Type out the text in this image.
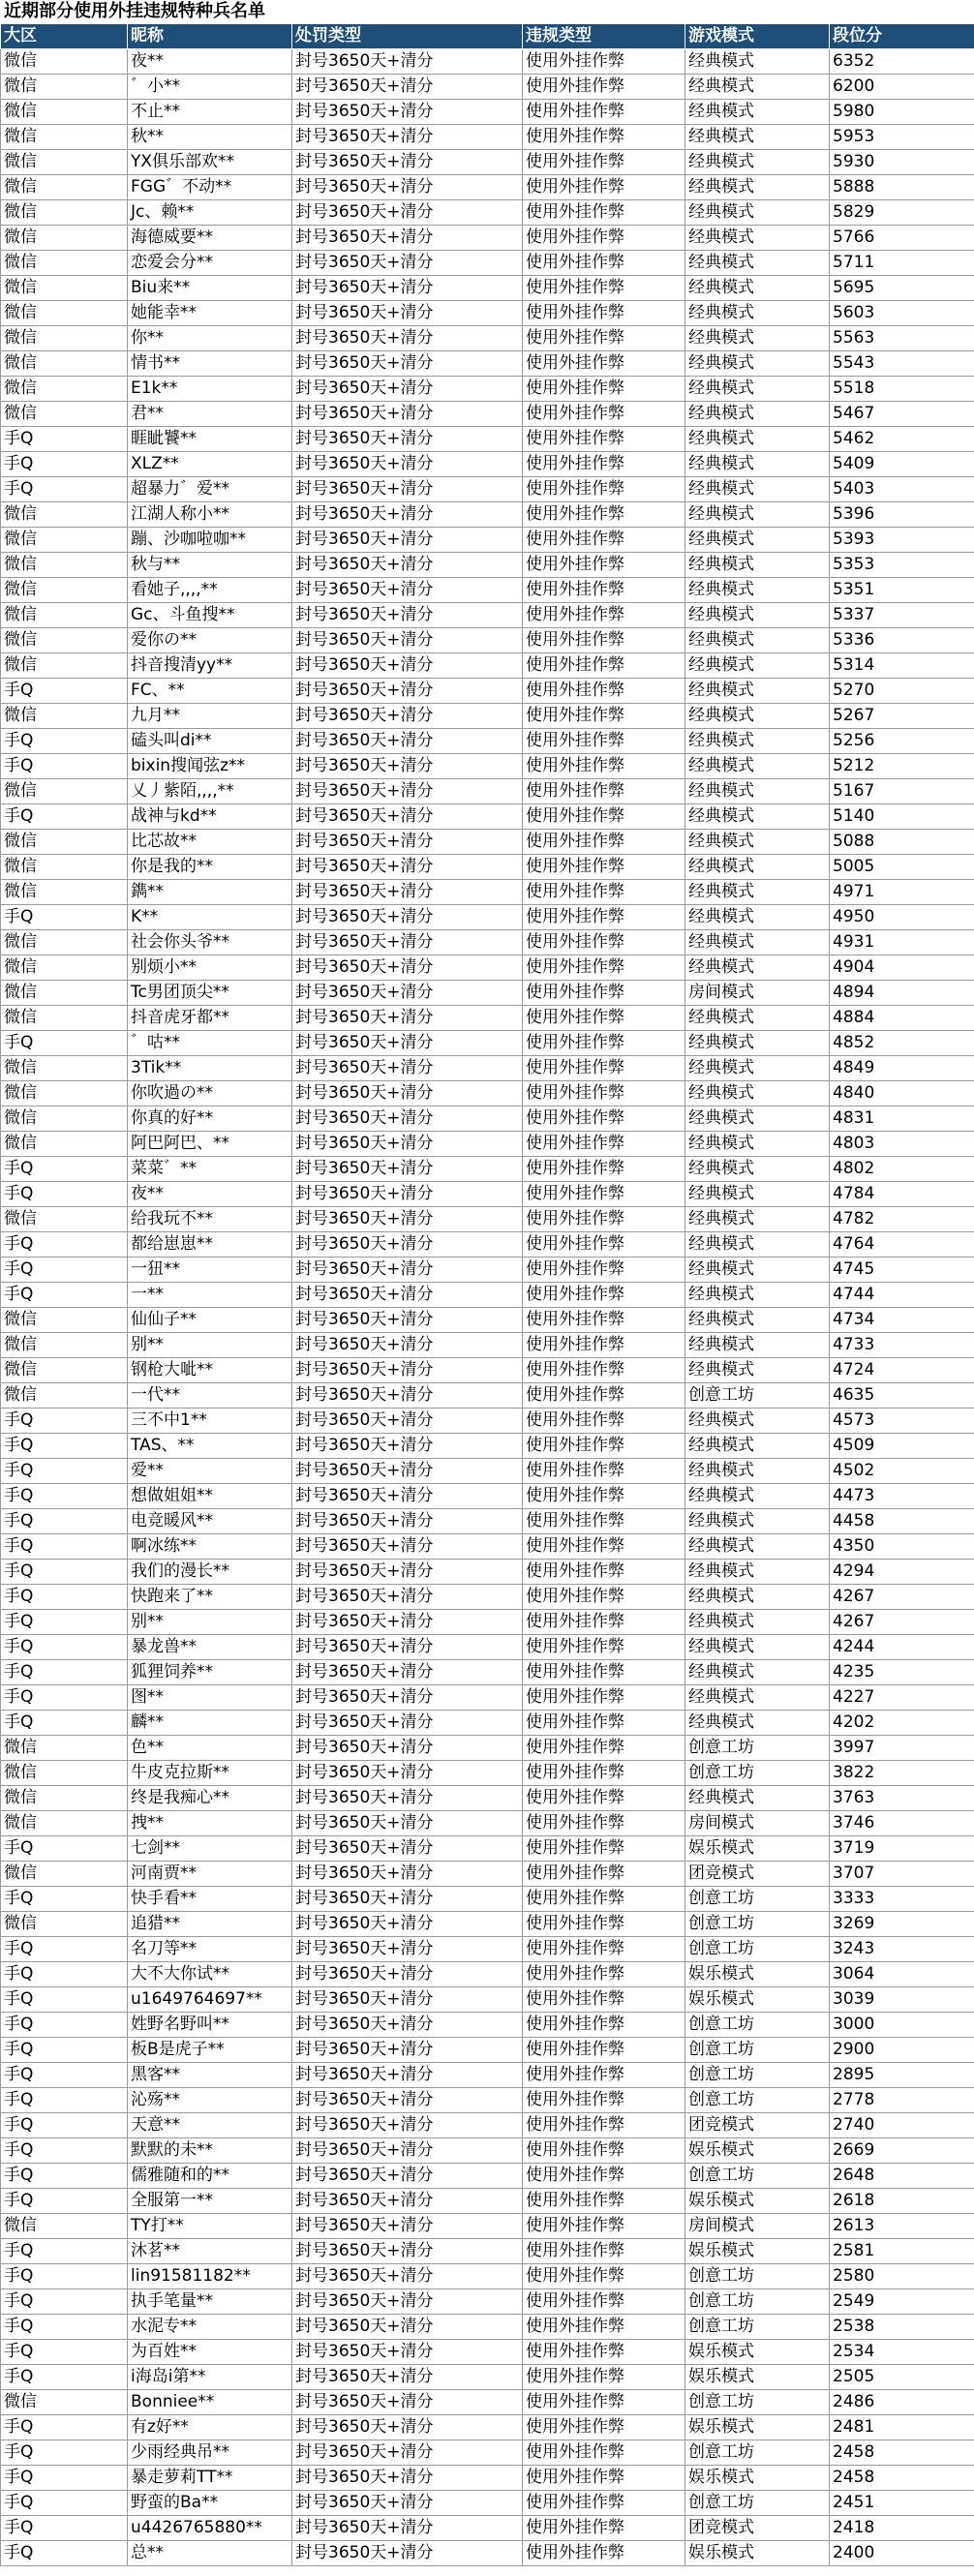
近期部分使用外挂违规特种兵名单
大区	昵称	处罚类型	违规类型	游戏模式	段位分
微信	夜**	封号3650天+清分	使用外挂作弊	经典模式	6352
微信	゛小**	封号3650天+清分	使用外挂作弊	经典模式	6200
微信	不止**	封号3650天+清分	使用外挂作弊	经典模式	5980
微信	秋**	封号3650天+清分	使用外挂作弊	经典模式	5953
微信	YX俱乐部欢**	封号3650天+清分	使用外挂作弊	经典模式	5930
微信	FGG゛不动**	封号3650天+清分	使用外挂作弊	经典模式	5888
微信	Jc、赖**	封号3650天+清分	使用外挂作弊	经典模式	5829
微信	海德威要**	封号3650天+清分	使用外挂作弊	经典模式	5766
微信	恋爱会分**	封号3650天+清分	使用外挂作弊	经典模式	5711
微信	Biu来**	封号3650天+清分	使用外挂作弊	经典模式	5695
微信	她能幸**	封号3650天+清分	使用外挂作弊	经典模式	5603
微信	你**	封号3650天+清分	使用外挂作弊	经典模式	5563
微信	情书**	封号3650天+清分	使用外挂作弊	经典模式	5543
微信	E1k**	封号3650天+清分	使用外挂作弊	经典模式	5518
微信	君**	封号3650天+清分	使用外挂作弊	经典模式	5467
手Q	睚眦饕**	封号3650天+清分	使用外挂作弊	经典模式	5462
手Q	XLZ**	封号3650天+清分	使用外挂作弊	经典模式	5409
手Q	超暴力゛爱**	封号3650天+清分	使用外挂作弊	经典模式	5403
微信	江湖人称小**	封号3650天+清分	使用外挂作弊	经典模式	5396
微信	蹦、沙咖啦咖**	封号3650天+清分	使用外挂作弊	经典模式	5393
微信	秋与**	封号3650天+清分	使用外挂作弊	经典模式	5353
微信	看她子,,,,**	封号3650天+清分	使用外挂作弊	经典模式	5351
微信	Gc、斗鱼搜**	封号3650天+清分	使用外挂作弊	经典模式	5337
微信	爱你の**	封号3650天+清分	使用外挂作弊	经典模式	5336
微信	抖音搜清yy**	封号3650天+清分	使用外挂作弊	经典模式	5314
手Q	FC、**	封号3650天+清分	使用外挂作弊	经典模式	5270
微信	九月**	封号3650天+清分	使用外挂作弊	经典模式	5267
手Q	磕头叫di**	封号3650天+清分	使用外挂作弊	经典模式	5256
手Q	bixin搜闻弦z**	封号3650天+清分	使用外挂作弊	经典模式	5212
微信	乂丿紫陌,,,,**	封号3650天+清分	使用外挂作弊	经典模式	5167
手Q	战神与kd**	封号3650天+清分	使用外挂作弊	经典模式	5140
微信	比芯故**	封号3650天+清分	使用外挂作弊	经典模式	5088
微信	你是我的**	封号3650天+清分	使用外挂作弊	经典模式	5005
微信	鐫**	封号3650天+清分	使用外挂作弊	经典模式	4971
手Q	K**	封号3650天+清分	使用外挂作弊	经典模式	4950
微信	社会你头爷**	封号3650天+清分	使用外挂作弊	经典模式	4931
微信	别烦小**	封号3650天+清分	使用外挂作弊	经典模式	4904
微信	Tc男团顶尖**	封号3650天+清分	使用外挂作弊	房间模式	4894
微信	抖音虎牙都**	封号3650天+清分	使用外挂作弊	经典模式	4884
手Q	゛咕**	封号3650天+清分	使用外挂作弊	经典模式	4852
微信	3Tik**	封号3650天+清分	使用外挂作弊	经典模式	4849
微信	你吹過の**	封号3650天+清分	使用外挂作弊	经典模式	4840
微信	你真的好**	封号3650天+清分	使用外挂作弊	经典模式	4831
微信	阿巴阿巴、**	封号3650天+清分	使用外挂作弊	经典模式	4803
手Q	菜菜゛**	封号3650天+清分	使用外挂作弊	经典模式	4802
手Q	夜**	封号3650天+清分	使用外挂作弊	经典模式	4784
微信	给我玩不**	封号3650天+清分	使用外挂作弊	经典模式	4782
手Q	都给崽崽**	封号3650天+清分	使用外挂作弊	经典模式	4764
手Q	一狃**	封号3650天+清分	使用外挂作弊	经典模式	4745
手Q	一**	封号3650天+清分	使用外挂作弊	经典模式	4744
微信	仙仙子**	封号3650天+清分	使用外挂作弊	经典模式	4734
微信	别**	封号3650天+清分	使用外挂作弊	经典模式	4733
微信	钢枪大呲**	封号3650天+清分	使用外挂作弊	经典模式	4724
微信	一代**	封号3650天+清分	使用外挂作弊	创意工坊	4635
手Q	三不中1**	封号3650天+清分	使用外挂作弊	经典模式	4573
手Q	TAS、**	封号3650天+清分	使用外挂作弊	经典模式	4509
手Q	爱**	封号3650天+清分	使用外挂作弊	经典模式	4502
手Q	想做姐姐**	封号3650天+清分	使用外挂作弊	经典模式	4473
手Q	电竞暖风**	封号3650天+清分	使用外挂作弊	经典模式	4458
手Q	啊冰练**	封号3650天+清分	使用外挂作弊	经典模式	4350
手Q	我们的漫长**	封号3650天+清分	使用外挂作弊	经典模式	4294
手Q	快跑来了**	封号3650天+清分	使用外挂作弊	经典模式	4267
手Q	别**	封号3650天+清分	使用外挂作弊	经典模式	4267
手Q	暴龙兽**	封号3650天+清分	使用外挂作弊	经典模式	4244
手Q	狐狸饲养**	封号3650天+清分	使用外挂作弊	经典模式	4235
手Q	图**	封号3650天+清分	使用外挂作弊	经典模式	4227
手Q	麟**	封号3650天+清分	使用外挂作弊	经典模式	4202
微信	色**	封号3650天+清分	使用外挂作弊	创意工坊	3997
微信	牛皮克拉斯**	封号3650天+清分	使用外挂作弊	创意工坊	3822
微信	终是我痴心**	封号3650天+清分	使用外挂作弊	经典模式	3763
微信	拽**	封号3650天+清分	使用外挂作弊	房间模式	3746
手Q	七剑**	封号3650天+清分	使用外挂作弊	娱乐模式	3719
微信	河南贾**	封号3650天+清分	使用外挂作弊	团竞模式	3707
手Q	快手看**	封号3650天+清分	使用外挂作弊	创意工坊	3333
微信	追猎**	封号3650天+清分	使用外挂作弊	创意工坊	3269
手Q	名刀等**	封号3650天+清分	使用外挂作弊	创意工坊	3243
手Q	大不大你试**	封号3650天+清分	使用外挂作弊	娱乐模式	3064
手Q	u1649764697**	封号3650天+清分	使用外挂作弊	娱乐模式	3039
手Q	姓野名野叫**	封号3650天+清分	使用外挂作弊	创意工坊	3000
手Q	板B是虎子**	封号3650天+清分	使用外挂作弊	创意工坊	2900
手Q	黑客**	封号3650天+清分	使用外挂作弊	创意工坊	2895
手Q	沁殇**	封号3650天+清分	使用外挂作弊	创意工坊	2778
手Q	天意**	封号3650天+清分	使用外挂作弊	团竞模式	2740
手Q	默默的未**	封号3650天+清分	使用外挂作弊	娱乐模式	2669
手Q	儒雅随和的**	封号3650天+清分	使用外挂作弊	创意工坊	2648
手Q	全服第一**	封号3650天+清分	使用外挂作弊	娱乐模式	2618
微信	TY打**	封号3650天+清分	使用外挂作弊	房间模式	2613
手Q	沐茗**	封号3650天+清分	使用外挂作弊	娱乐模式	2581
手Q	lin91581182**	封号3650天+清分	使用外挂作弊	创意工坊	2580
手Q	执手笔量**	封号3650天+清分	使用外挂作弊	创意工坊	2549
手Q	水泥专**	封号3650天+清分	使用外挂作弊	创意工坊	2538
手Q	为百姓**	封号3650天+清分	使用外挂作弊	娱乐模式	2534
手Q	i海岛i第**	封号3650天+清分	使用外挂作弊	娱乐模式	2505
微信	Bonniee**	封号3650天+清分	使用外挂作弊	创意工坊	2486
手Q	有z好**	封号3650天+清分	使用外挂作弊	娱乐模式	2481
手Q	少雨经典吊**	封号3650天+清分	使用外挂作弊	创意工坊	2458
手Q	暴走萝莉TT**	封号3650天+清分	使用外挂作弊	娱乐模式	2458
手Q	野蛮的Ba**	封号3650天+清分	使用外挂作弊	创意工坊	2451
手Q	u4426765880**	封号3650天+清分	使用外挂作弊	团竞模式	2418
手Q	总**	封号3650天+清分	使用外挂作弊	娱乐模式	2400
